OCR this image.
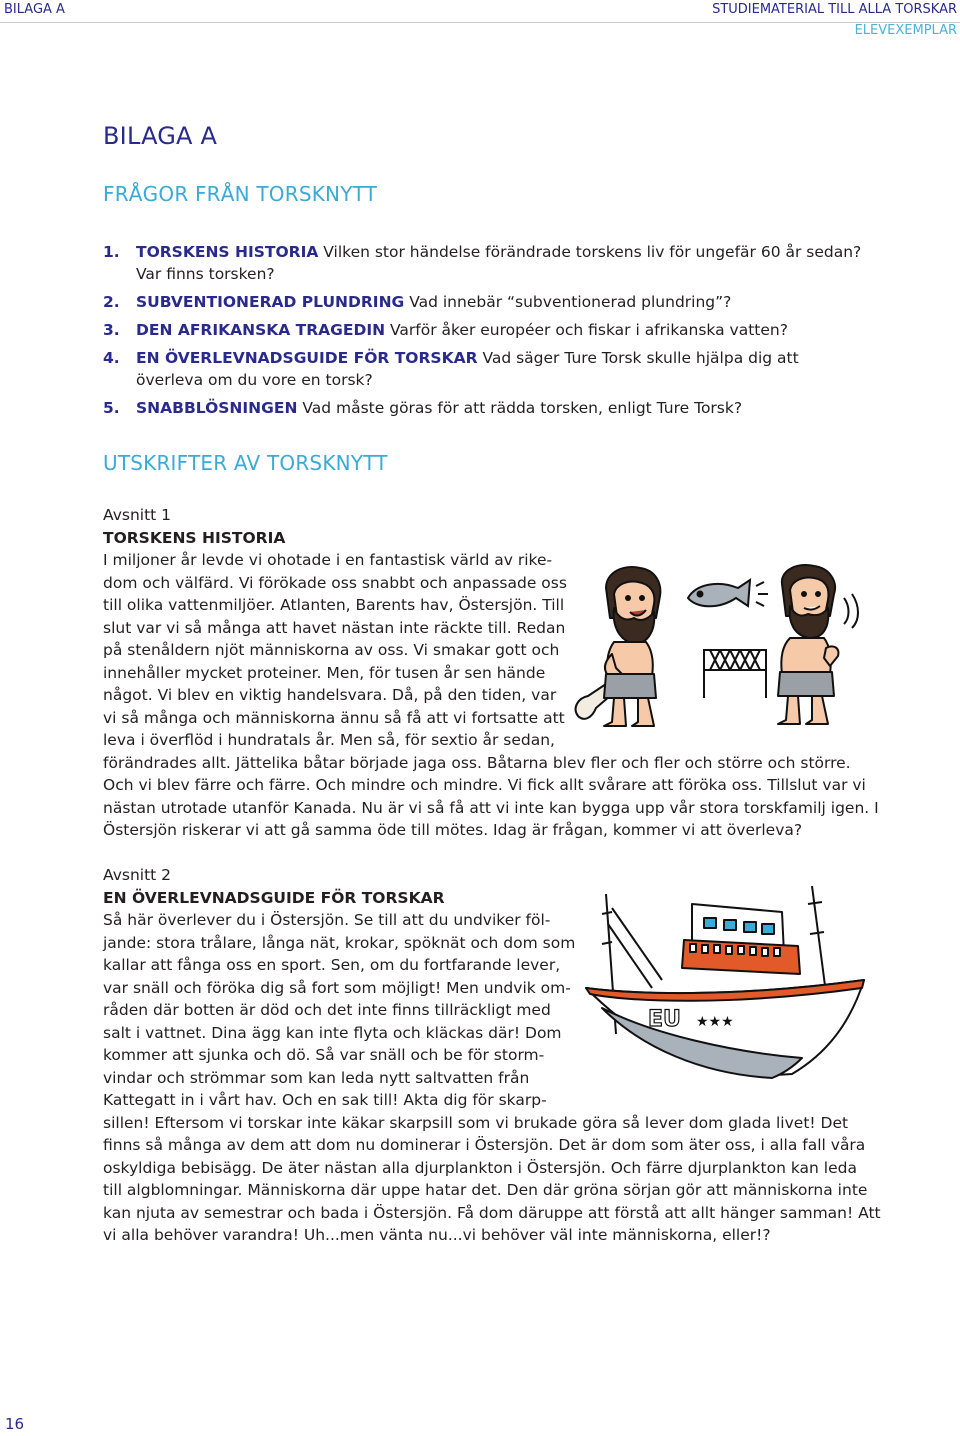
BILAGA A	STUDIEMATERIAL TILL ALLA TORSKAR
ELEVEXEMPLAR
BILAGA A
FRÅGOR FRÅN TORSKNYTT
1. TORSKENS HISTORIA Vilken stor händelse förändrade torskens liv för ungefär 60 år sedan? Var finns torsken?
2. SUBVENTIONERAD PLUNDRING Vad innebär “subventionerad plundring”?
3. DEN AFRIKANSKA TRAGEDIN Varför åker européer och fiskar i afrikanska vatten?
4. EN ÖVERLEVNADSGUIDE FÖR TORSKAR Vad säger Ture Torsk skulle hjälpa dig att överleva om du vore en torsk?
5. SNABBLÖSNINGEN Vad måste göras för att rädda torsken, enligt Ture Torsk?
UTSKRIFTER AV TORSKNYTT
Avsnitt 1
TORSKENS HISTORIA
I miljoner år levde vi ohotade i en fantastisk värld av rike-
dom och välfärd. Vi förökade oss snabbt och anpassade oss
till olika vattenmiljöer. Atlanten, Barents hav, Östersjön. Till
slut var vi så många att havet nästan inte räckte till. Redan
på stenåldern njöt människorna av oss. Vi smakar gott och
innehåller mycket proteiner. Men, för tusen år sen hände
något. Vi blev en viktig handelsvara. Då, på den tiden, var
vi så många och människorna ännu så få att vi fortsatte att
leva i överflöd i hundratals år. Men så, för sextio år sedan,
förändrades allt. Jättelika båtar började jaga oss. Båtarna blev fler och fler och större och större.
Och vi blev färre och färre. Och mindre och mindre. Vi fick allt svårare att föröka oss. Tillslut var vi
nästan utrotade utanför Kanada. Nu är vi så få att vi inte kan bygga upp vår stora torskfamilj igen. I
Östersjön riskerar vi att gå samma öde till mötes. Idag är frågan, kommer vi att överleva?
Avsnitt 2
EN ÖVERLEVNADSGUIDE FÖR TORSKAR
Så här överlever du i Östersjön. Se till att du undviker föl-
jande: stora trålare, långa nät, krokar, spöknät och dom som
kallar att fånga oss en sport. Sen, om du fortfarande lever,
var snäll och föröka dig så fort som möjligt! Men undvik om-
råden där botten är död och det inte finns tillräckligt med
salt i vattnet. Dina ägg kan inte flyta och kläckas där! Dom
kommer att sjunka och dö. Så var snäll och be för storm-
vindar och strömmar som kan leda nytt saltvatten från
Kattegatt in i vårt hav. Och en sak till! Akta dig för skarp-
sillen! Eftersom vi torskar inte käkar skarpsill som vi brukade göra så lever dom glada livet! Det
finns så många av dem att dom nu dominerar i Östersjön. Det är dom som äter oss, i alla fall våra
oskyldiga bebisägg. De äter nästan alla djurplankton i Östersjön. Och färre djurplankton kan leda
till algblomningar. Människorna där uppe hatar det. Den där gröna sörjan gör att människorna inte
kan njuta av semestrar och bada i Östersjön. Få dom däruppe att förstå att allt hänger samman! Att
vi alla behöver varandra! Uh...men vänta nu...vi behöver väl inte människorna, eller!?
EU ★★★
16
